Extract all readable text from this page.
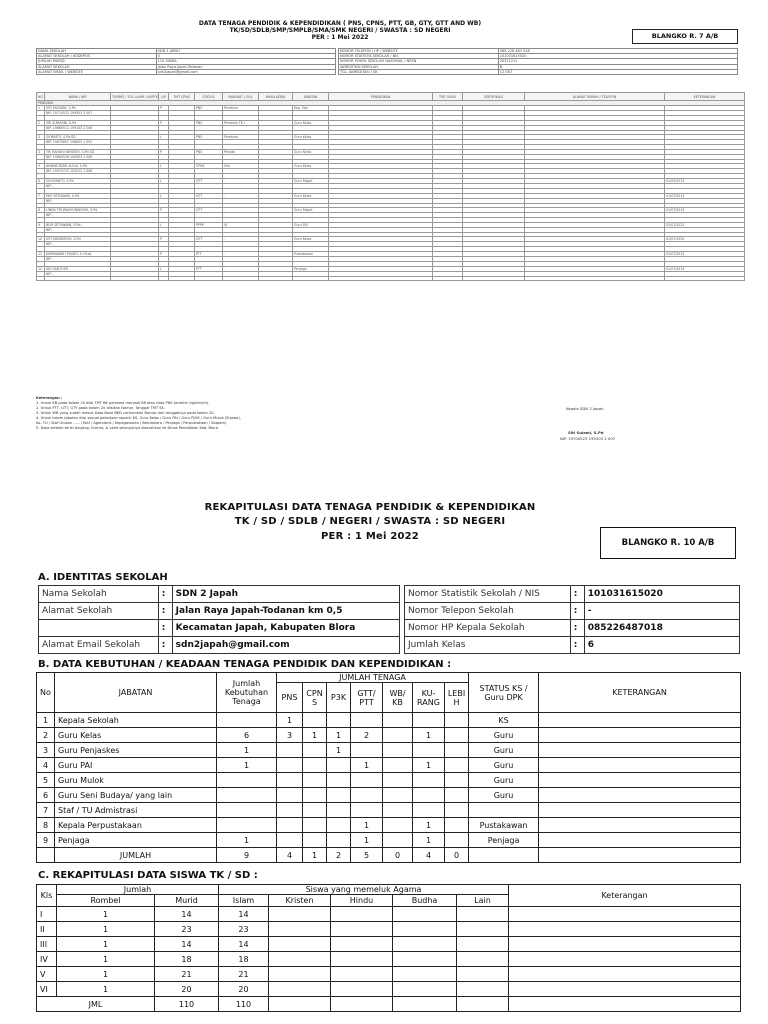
DATA TENAGA PENDIDIK & KEPENDIDIKAN ( PNS, CPNS, PTT, GB, GTY, GTT AND WB)
TK/SD/SDLB/SMP/SMPLB/SMA/SMK NEGERI / SWASTA : SD NEGERI
PER : 1 Mei 2022	BLANGKO R. 7 A/B
NAMA SEKOLAH	SDN 2 JAPAH
ALAMAT SEKOLAH / KODEPOS	0
JUMLAH MURID	110 SISWA
ALAMAT SEKOLAH	Jalan Raya Japah-Todanan
ALAMAT EMAIL / WEBSITE	sdn2japah@gmail.com
NOMOR TELEPON / HP / WEBSITE	085 226 487 018
NOMOR STATISTIK SEKOLAH / NIS	101031615020
NOMOR POKOK SEKOLAH NASIONAL / NPSN	20311211
AKREDITASI SEKOLAH	B
TGL. AKREDITASI / SK	12 OKT
NO	NAMA / NIP	TEMPAT / TGL LAHIR / NUPTK	L/P	TMT CPNS	STATUS	PANGKAT / GOL	MASA KERJA	JABATAN	PENDIDIKAN	TMT GURU	SERTIFIKASI	ALAMAT RUMAH / TELEPON	KETERANGAN
PENDIDIK													
1	SITI MULYANI, S.Pd		P		PNS	Pembina		Kep. Sek					
	NIP. 19710523 199303 2 007												

2	SRI SUMARNI, S.Pd		P		PNS	Pembina TK.I		Guru Kelas					
	NIP. 19680511 199103 2 006												

3	SUYANTO, S.Pd.SD		L		PNS	Pembina		Guru Kelas					
	NIP. 19670607 198805 1 002												

4	TRI RAHAYU NINGSIH, S.Pd.SD		P		PNS	Penata		Guru Kelas					
	NIP. 19860526 200903 2 008												

5	AHMAD RIZKI AULIA, S.Pd		L		CPNS	III/a		Guru Kelas					
	NIP. 19970725 202012 1 008												

6	SUGIYANTO, S.Pd		L		GTT	-		Guru Mapel					01/03/2013
	NIP. -												

7	EKO SETIAWAN, S.Pd		L		GTT	-		Guru Kelas					01/07/2014
	NIP. -												

8	LINDA TRI WAHYUNINGSIH, S.Pd		P		GTT	-		Guru Mapel					01/07/2019
	NIP. -												

9	NUR SETYAWAN, S.Pd.I		L		PPPK	IX		Guru PAI					01/01/2022
	NIP. -												

10	SITI MASRUROH, S.Pd		P		GTT	-		Guru Kelas					01/07/2020
	NIP. -												

11	KURNIAWATI PUJIATI, S.I.Pust		P		PTT	-		Pustakawan					01/07/2012
	NIP. -												

12	ADI SANTOSO		L		PTT	-		Penjaga					01/07/2019
	NIP. -												

Keterangan :
1. Untuk KB pada kolom 20 diisi TMT BK pertama menjadi KB atau data PNS terakhir (tgl/bln/th).
2. Untuk PTT, GTT, GTY pada kolom 20 diisikan Nomor, Tanggal TMT SK.
3. Untuk WB yang sudah masuk Data Base BKD cantumkan Nomor dan tanggalnya pada kolom 20.
4. Untuk kolom Jabatan diisi sesuai pekerjaan seperti KS, Guru Kelas / Guru PAI / Guru PJOK / Guru Mulok (B.Jawa),
Ka. TU / Staf Urusan ...... (Staf / Agendaris / Kepegawaian / Bendahara / Penjaga / Perpustakaan / Satpam)
5. Data setelah terisi lengkap, format, & valid selanjutnya diserahkan ke Dinas Pendidikan Kab. Blora
Kepala SDN 2 Japah
Siti Sulami, S.Pd
NIP. 19700523 199303 2 007
REKAPITULASI DATA TENAGA PENDIDIK & KEPENDIDIKAN
TK / SD / SDLB / NEGERI / SWASTA : SD NEGERI
PER : 1 Mei 2022
BLANGKO R. 10 A/B
A. IDENTITAS SEKOLAH
Nama Sekolah	:	SDN 2 Japah
Alamat Sekolah	:	Jalan Raya Japah-Todanan km 0,5
	:	Kecamatan Japah, Kabupaten Blora
Alamat Email Sekolah	:	sdn2japah@gmail.com
Nomor Statistik Sekolah / NIS	:	101031615020
Nomor Telepon Sekolah	:	-
Nomor HP Kepala Sekolah	:	085226487018
Jumlah Kelas	:	6
B. DATA KEBUTUHAN / KEADAAN TENAGA PENDIDIK DAN KEPENDIDIKAN :
No	JABATAN	Jumlah Kebutuhan Tenaga	JUMLAH TENAGA							STATUS KS / Guru DPK	KETERANGAN
			PNS	CPN S	P3K	GTT/ PTT	WB/ KB	KU- RANG	LEBI H		
1	Kepala Sekolah		1							KS	
2	Guru Kelas	6	3	1	1	2		1		Guru	
3	Guru Penjaskes	1			1					Guru	
4	Guru PAI	1				1		1		Guru	
5	Guru Mulok									Guru	
6	Guru Seni Budaya/ yang lain									Guru	
7	Staf / TU Admistrasi										
8	Kepala Perpustakaan					1		1		Pustakawan	
9	Penjaga	1				1		1		Penjaga	
	JUMLAH	9	4	1	2	5	0	4	0		
C. REKAPITULASI DATA SISWA TK / SD :
Kls	Jumlah		Siswa yang memeluk Agama					Keterangan
	Rombel	Murid	Islam	Kristen	Hindu	Budha	Lain	
I	1	14	14					
II	1	23	23					
III	1	14	14					
IV	1	18	18					
V	1	21	21					
VI	1	20	20					
JML		110	110					
